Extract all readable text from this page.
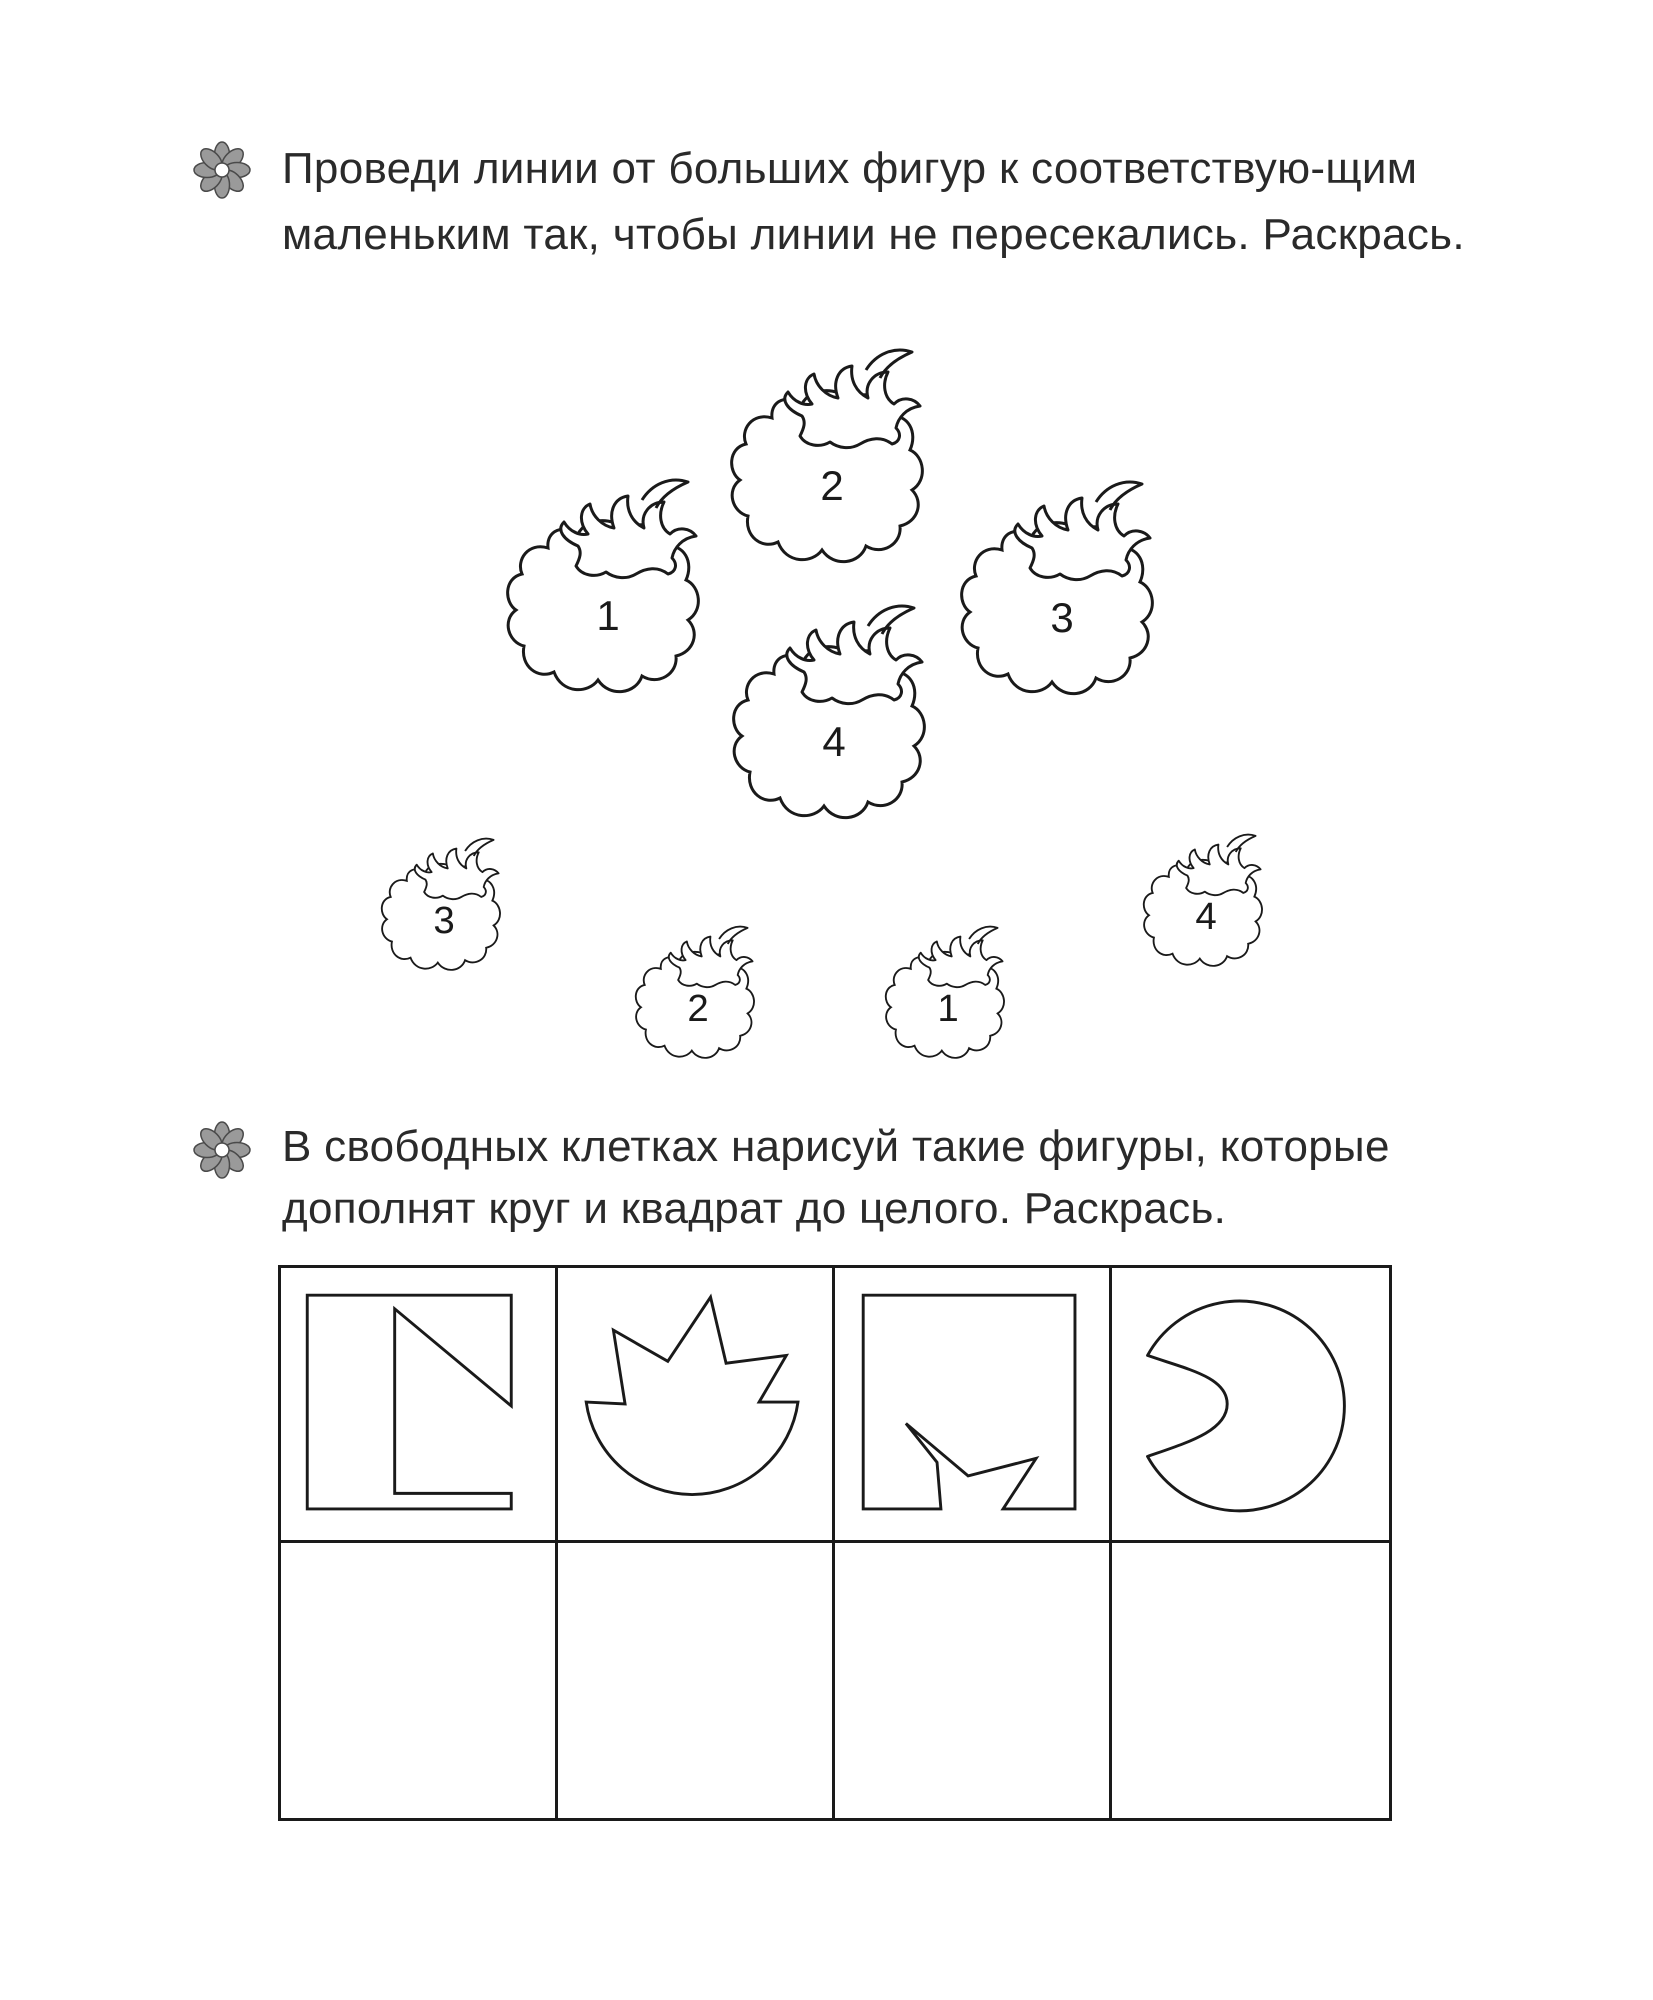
Проведи линии от больших фигур к соответствую-щим маленьким так, чтобы линии не пересекались. Раскрась.

1
2
3
4
3
2	1
4

В свободных клетках нарисуй такие фигуры, которые дополнят круг и квадрат до целого. Раскрась.
